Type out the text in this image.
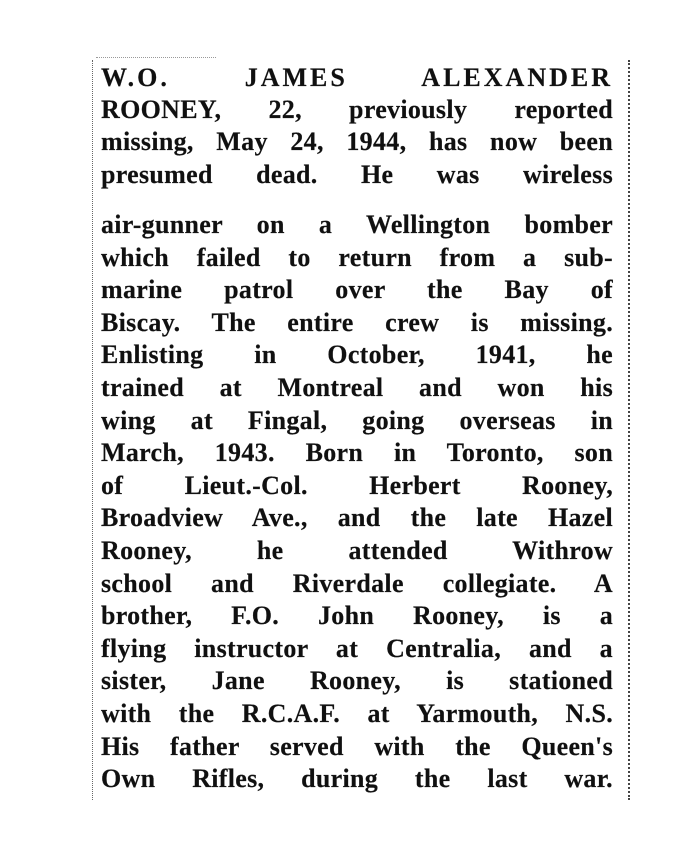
W.O. JAMES ALEXANDER
ROONEY, 22, previously reported
missing, May 24, 1944, has now been
presumed dead. He was wireless
air-gunner on a Wellington bomber
which failed to return from a sub-
marine patrol over the Bay of
Biscay. The entire crew is missing.
Enlisting in October, 1941, he
trained at Montreal and won his
wing at Fingal, going overseas in
March, 1943. Born in Toronto, son
of Lieut.-Col. Herbert Rooney,
Broadview Ave., and the late Hazel
Rooney, he attended Withrow
school and Riverdale collegiate. A
brother, F.O. John Rooney, is a
flying instructor at Centralia, and a
sister, Jane Rooney, is stationed
with the R.C.A.F. at Yarmouth, N.S.
His father served with the Queen's
Own Rifles, during the last war.
